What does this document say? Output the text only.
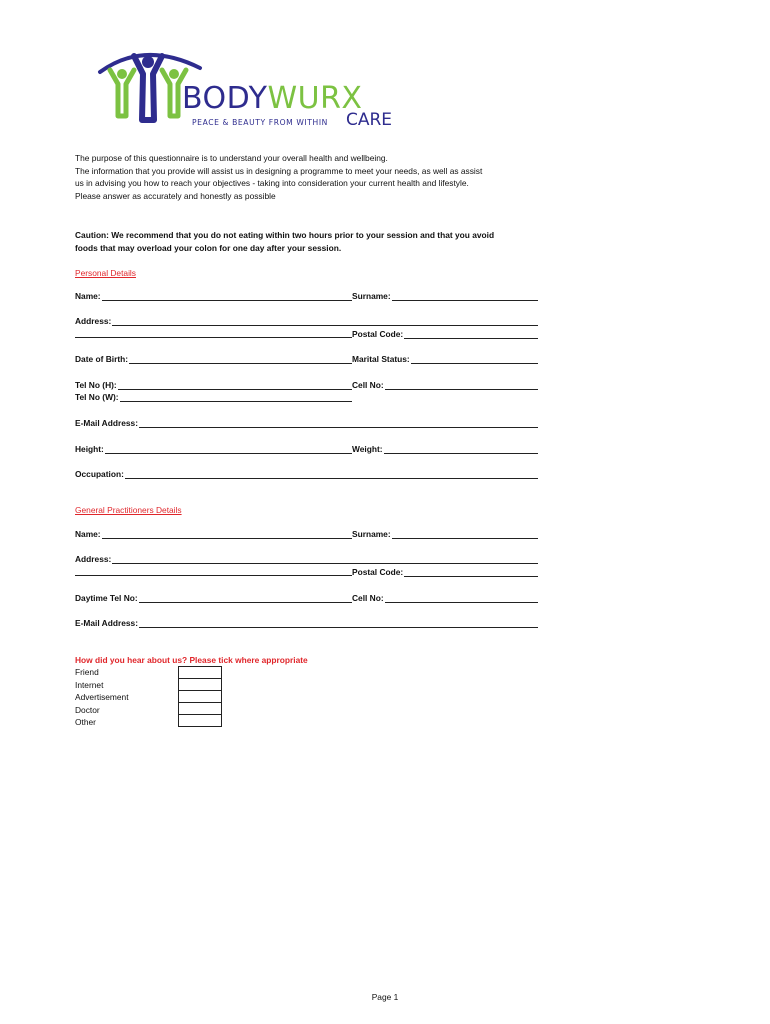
BODYWURX
PEACE & BEAUTY FROM WITHIN CARE
The purpose of this questionnaire is to understand your overall health and wellbeing.
The information that you provide will assist us in designing a programme to meet your needs, as well as assist
us in advising you how to reach your objectives - taking into consideration your current health and lifestyle.
Please answer as accurately and honestly as possible
Caution: We recommend that you do not eating within two hours prior to your session and that you avoid
foods that may overload your colon for one day after your session.
Personal Details
Name:	Surname:
Address:
Postal Code:
Date of Birth:	Marital Status:
Tel No (H):	Cell No:
Tel No (W):
E-Mail Address:
Height:	Weight:
Occupation:
General Practitioners Details
Name:	Surname:
Address:
Postal Code:
Daytime Tel No:	Cell No:
E-Mail Address:
How did you hear about us? Please tick where appropriate
Friend
Internet
Advertisement
Doctor
Other
Page 1
